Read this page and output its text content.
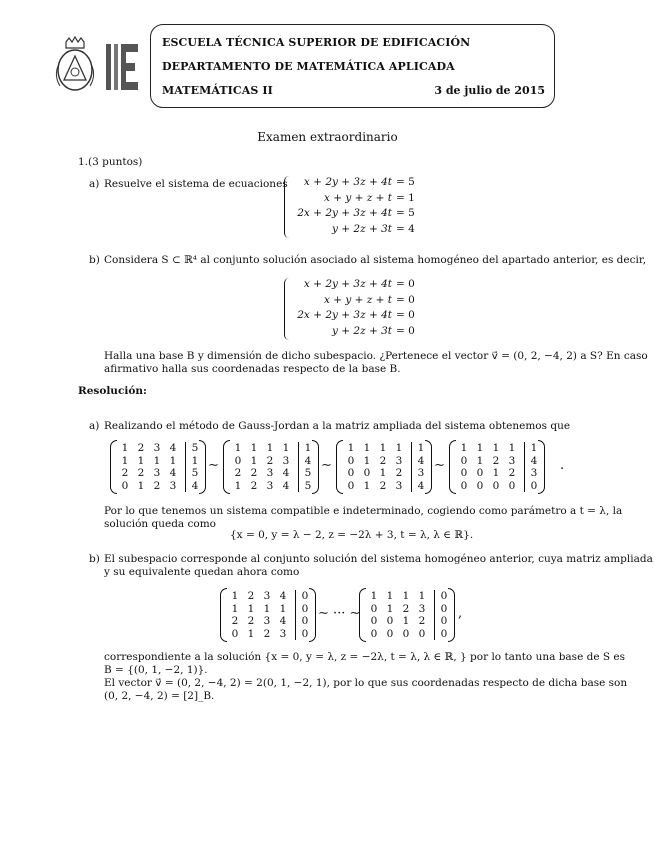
ESCUELA TÉCNICA SUPERIOR DE EDIFICACIÓN
DEPARTAMENTO DE MATEMÁTICA APLICADA
MATEMÁTICAS II	3 de julio de 2015
Examen extraordinario
1.(3 puntos)
a) Resuelve el sistema de ecuaciones x + 2y + 3z + 4t = 5
x + y + z + t = 1
2x + 2y + 3z + 4t = 5
y + 2z + 3t = 4
b) Considera S ⊂ ℝ⁴ al conjunto solución asociado al sistema homogéneo del apartado anterior, es decir,
x + 2y + 3z + 4t = 0
x + y + z + t = 0
2x + 2y + 3z + 4t = 0
y + 2z + 3t = 0
Halla una base B y dimensión de dicho subespacio. ¿Pertenece el vector v⃗ = (0, 2, −4, 2) a S? En caso
afirmativo halla sus coordenadas respecto de la base B.
Resolución:
a) Realizando el método de Gauss-Jordan a la matriz ampliada del sistema obtenemos que
1 2 3 4	5
1 1 1 1	1
2 2 3 4	5
0 1 2 3	4
∼
1 1 1 1	1
0 1 2 3	4
2 2 3 4	5
1 2 3 4	5
∼
1 1 1 1	1
0 1 2 3	4
0 0 1 2	3
0 1 2 3	4
∼
1 1 1 1	1
0 1 2 3	4
0 0 1 2	3
0 0 0 0	0
.
Por lo que tenemos un sistema compatible e indeterminado, cogiendo como parámetro a t = λ, la
solución queda como
{x = 0, y = λ − 2, z = −2λ + 3, t = λ, λ ∈ ℝ}.
b) El subespacio corresponde al conjunto solución del sistema homogéneo anterior, cuya matriz ampliada
y su equivalente quedan ahora como
1 2 3 4	0
1 1 1 1	0
2 2 3 4	0
0 1 2 3	0
∼ ··· ∼
1 1 1 1	0
0 1 2 3	0
0 0 1 2	0
0 0 0 0	0
,
correspondiente a la solución {x = 0, y = λ, z = −2λ, t = λ, λ ∈ ℝ, } por lo tanto una base de S es
B = {(0, 1, −2, 1)}.
El vector v⃗ = (0, 2, −4, 2) = 2(0, 1, −2, 1), por lo que sus coordenadas respecto de dicha base son
(0, 2, −4, 2) = [2]_B.
